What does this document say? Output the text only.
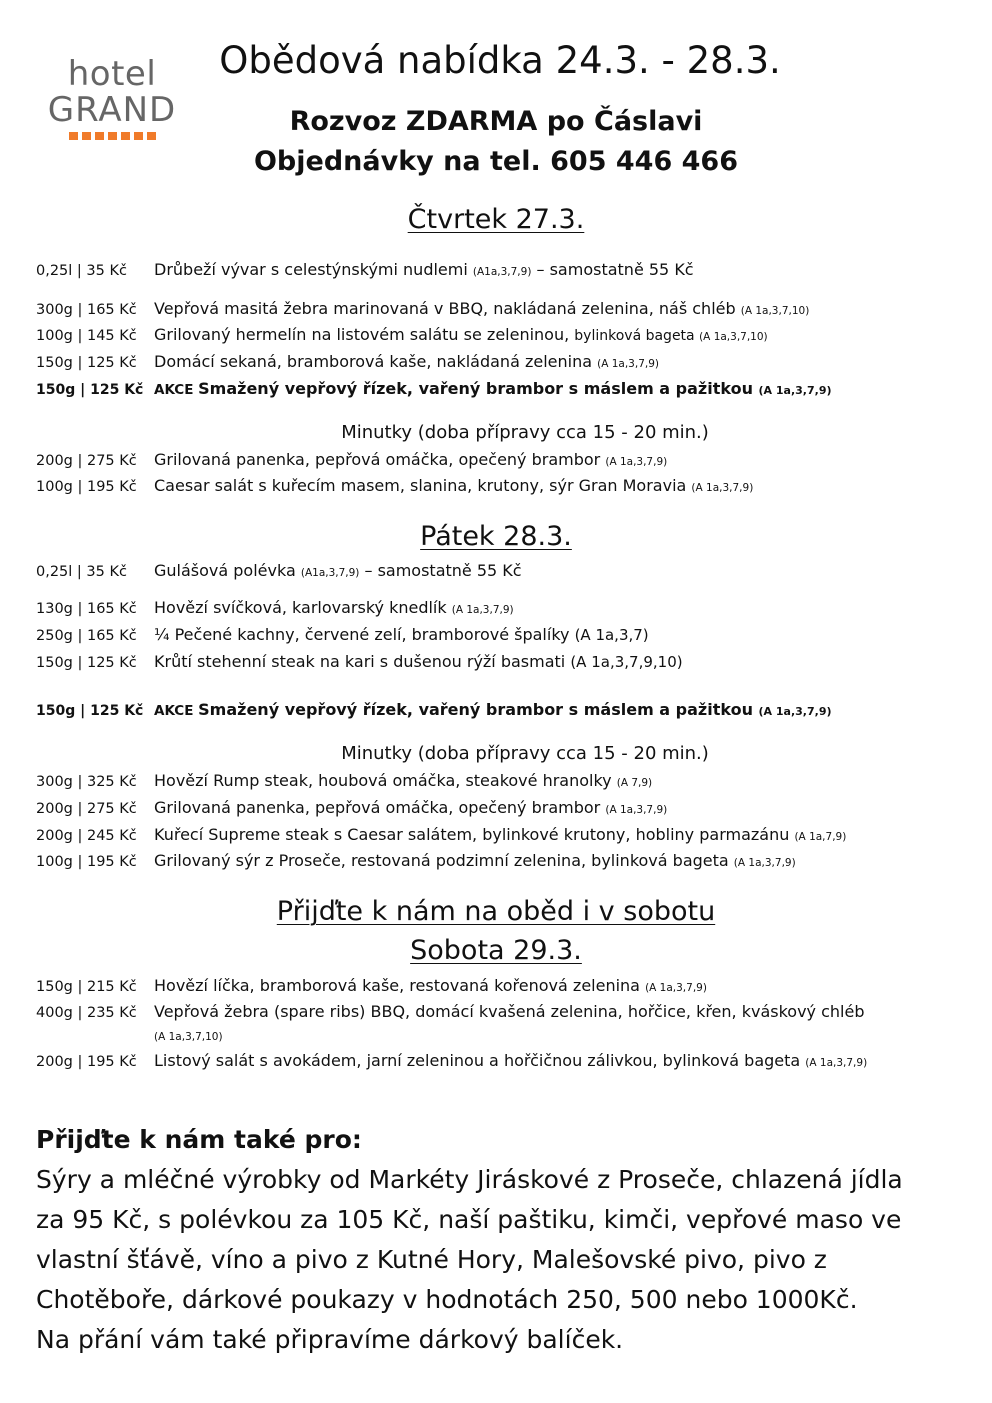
hotel
GRAND
Obědová nabídka 24.3. - 28.3.
Rozvoz ZDARMA po Čáslavi
Objednávky na tel. 605 446 466
Čtvrtek 27.3.
0,25l | 35 Kč Drůbeží vývar s celestýnskými nudlemi (A1a,3,7,9) – samostatně 55 Kč
300g | 165 Kč Vepřová masitá žebra marinovaná v BBQ, nakládaná zelenina, náš chléb (A 1a,3,7,10)
100g | 145 Kč Grilovaný hermelín na listovém salátu se zeleninou, bylinková bageta (A 1a,3,7,10)
150g | 125 Kč Domácí sekaná, bramborová kaše, nakládaná zelenina (A 1a,3,7,9)
150g | 125 Kč AKCE Smažený vepřový řízek, vařený brambor s máslem a pažitkou (A 1a,3,7,9)
Minutky (doba přípravy cca 15 - 20 min.)
200g | 275 Kč Grilovaná panenka, pepřová omáčka, opečený brambor (A 1a,3,7,9)
100g | 195 Kč Caesar salát s kuřecím masem, slanina, krutony, sýr Gran Moravia (A 1a,3,7,9)
Pátek 28.3.
0,25l | 35 Kč Gulášová polévka (A1a,3,7,9) – samostatně 55 Kč
130g | 165 Kč Hovězí svíčková, karlovarský knedlík (A 1a,3,7,9)
250g | 165 Kč ¼ Pečené kachny, červené zelí, bramborové špalíky (A 1a,3,7)
150g | 125 Kč Krůtí stehenní steak na kari s dušenou rýží basmati (A 1a,3,7,9,10)
150g | 125 Kč AKCE Smažený vepřový řízek, vařený brambor s máslem a pažitkou (A 1a,3,7,9)
Minutky (doba přípravy cca 15 - 20 min.)
300g | 325 Kč Hovězí Rump steak, houbová omáčka, steakové hranolky (A 7,9)
200g | 275 Kč Grilovaná panenka, pepřová omáčka, opečený brambor (A 1a,3,7,9)
200g | 245 Kč Kuřecí Supreme steak s Caesar salátem, bylinkové krutony, hobliny parmazánu (A 1a,7,9)
100g | 195 Kč Grilovaný sýr z Proseče, restovaná podzimní zelenina, bylinková bageta (A 1a,3,7,9)
Přijďte k nám na oběd i v sobotu
Sobota 29.3.
150g | 215 Kč Hovězí líčka, bramborová kaše, restovaná kořenová zelenina (A 1a,3,7,9)
400g | 235 Kč Vepřová žebra (spare ribs) BBQ, domácí kvašená zelenina, hořčice, křen, kváskový chléb
(A 1a,3,7,10)
200g | 195 Kč Listový salát s avokádem, jarní zeleninou a hořčičnou zálivkou, bylinková bageta (A 1a,3,7,9)
Přijďte k nám také pro:
Sýry a mléčné výrobky od Markéty Jiráskové z Proseče, chlazená jídla
za 95 Kč, s polévkou za 105 Kč, naší paštiku, kimči, vepřové maso ve
vlastní šťávě, víno a pivo z Kutné Hory, Malešovské pivo, pivo z
Chotěboře, dárkové poukazy v hodnotách 250, 500 nebo 1000Kč.
Na přání vám také připravíme dárkový balíček.
